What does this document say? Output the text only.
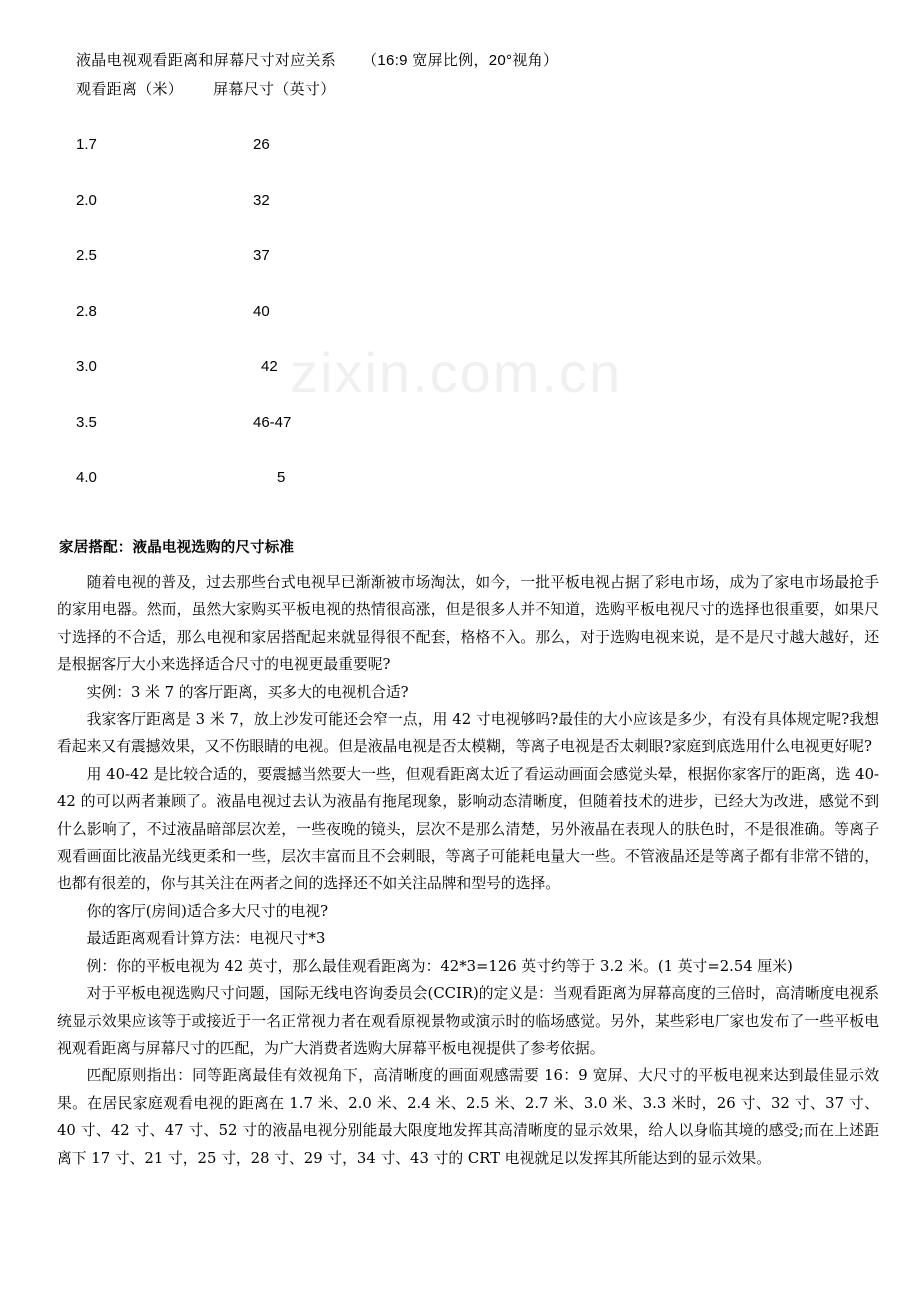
zixin.com.cn
液晶电视观看距离和屏幕尺寸对应关系 （16:9 宽屏比例，20°视角）
观看距离（米） 屏幕尺寸（英寸）
1.7	26
2.0	32
2.5	37
2.8	40
3.0	42
3.5	46-47
4.0	5
家居搭配：液晶电视选购的尺寸标准

随着电视的普及，过去那些台式电视早已渐渐被市场淘汰，如今，一批平板电视占据了彩电市场，成为了家电市场最抢手的家用电器。然而，虽然大家购买平板电视的热情很高涨，但是很多人并不知道，选购平板电视尺寸的选择也很重要，如果尺寸选择的不合适，那么电视和家居搭配起来就显得很不配套，格格不入。那么，对于选购电视来说，是不是尺寸越大越好，还是根据客厅大小来选择适合尺寸的电视更最重要呢?

实例：3 米 7 的客厅距离，买多大的电视机合适?

我家客厅距离是 3 米 7，放上沙发可能还会窄一点，用 42 寸电视够吗?最佳的大小应该是多少，有没有具体规定呢?我想看起来又有震撼效果，又不伤眼睛的电视。但是液晶电视是否太模糊，等离子电视是否太刺眼?家庭到底选用什么电视更好呢?

用 40-42 是比较合适的，要震撼当然要大一些，但观看距离太近了看运动画面会感觉头晕，根据你家客厅的距离，选 40-42 的可以两者兼顾了。液晶电视过去认为液晶有拖尾现象，影响动态清晰度，但随着技术的进步，已经大为改进，感觉不到什么影响了，不过液晶暗部层次差，一些夜晚的镜头，层次不是那么清楚，另外液晶在表现人的肤色时，不是很准确。等离子观看画面比液晶光线更柔和一些，层次丰富而且不会刺眼，等离子可能耗电量大一些。不管液晶还是等离子都有非常不错的，也都有很差的，你与其关注在两者之间的选择还不如关注品牌和型号的选择。

你的客厅(房间)适合多大尺寸的电视?

最适距离观看计算方法：电视尺寸*3

例：你的平板电视为 42 英寸，那么最佳观看距离为：42*3=126 英寸约等于 3.2 米。(1 英寸=2.54 厘米)

对于平板电视选购尺寸问题，国际无线电咨询委员会(CCIR)的定义是：当观看距离为屏幕高度的三倍时，高清晰度电视系统显示效果应该等于或接近于一名正常视力者在观看原视景物或演示时的临场感觉。另外，某些彩电厂家也发布了一些平板电视观看距离与屏幕尺寸的匹配，为广大消费者选购大屏幕平板电视提供了参考依据。

匹配原则指出：同等距离最佳有效视角下，高清晰度的画面观感需要 16：9 宽屏、大尺寸的平板电视来达到最佳显示效果。在居民家庭观看电视的距离在 1.7 米、2.0 米、2.4 米、2.5 米、2.7 米、3.0 米、3.3 米时，26 寸、32 寸、37 寸、40 寸、42 寸、47 寸、52 寸的液晶电视分别能最大限度地发挥其高清晰度的显示效果，给人以身临其境的感受;而在上述距离下 17 寸、21 寸，25 寸，28 寸、29 寸，34 寸、43 寸的 CRT 电视就足以发挥其所能达到的显示效果。
